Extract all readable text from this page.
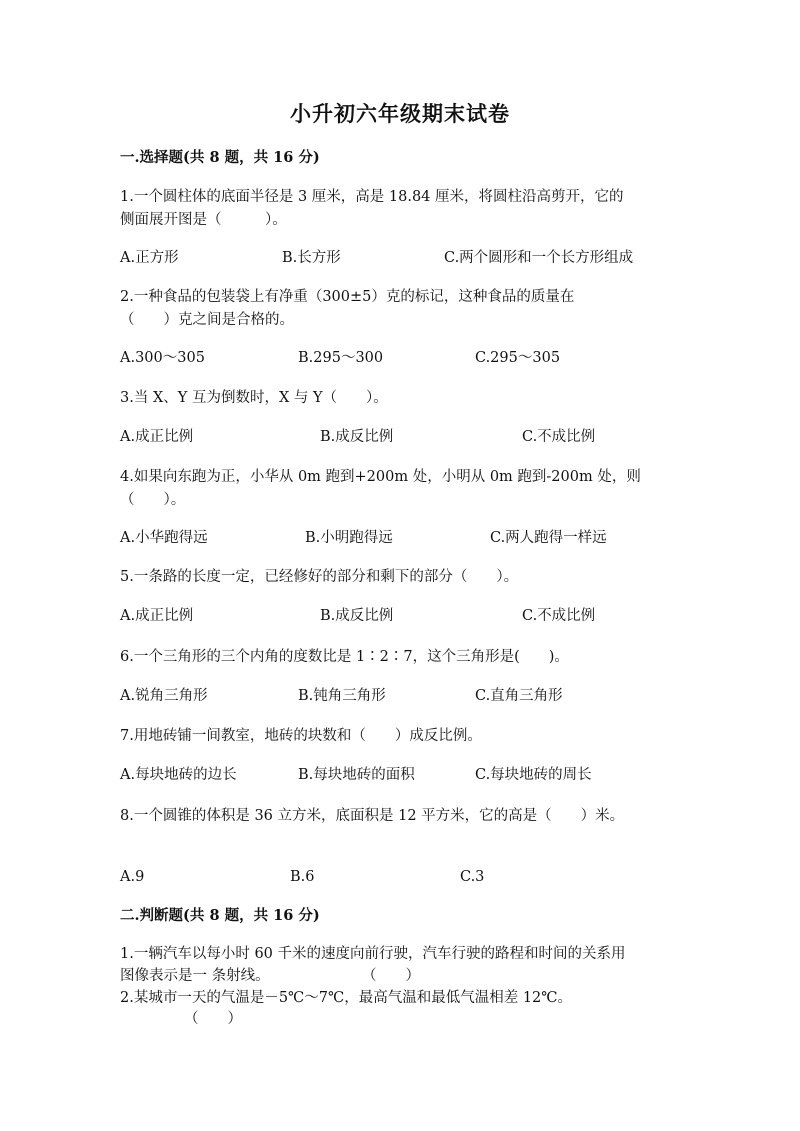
小升初六年级期末试卷
一.选择题(共 8 题，共 16 分)
1.一个圆柱体的底面半径是 3 厘米，高是 18.84 厘米，将圆柱沿高剪开，它的
侧面展开图是（　　　）。
A.正方形	B.长方形	C.两个圆形和一个长方形组成
2.一种食品的包装袋上有净重（300±5）克的标记，这种食品的质量在
（　　）克之间是合格的。
A.300～305	B.295～300	C.295～305
3.当 X、Y 互为倒数时，X 与 Y（　　）。
A.成正比例	B.成反比例	C.不成比例
4.如果向东跑为正，小华从 0m 跑到+200m 处，小明从 0m 跑到-200m 处，则
（　　）。
A.小华跑得远	B.小明跑得远	C.两人跑得一样远
5.一条路的长度一定，已经修好的部分和剩下的部分（　　）。
A.成正比例	B.成反比例	C.不成比例
6.一个三角形的三个内角的度数比是 1∶2∶7，这个三角形是(　　)。
A.锐角三角形	B.钝角三角形	C.直角三角形
7.用地砖铺一间教室，地砖的块数和（　　）成反比例。
A.每块地砖的边长	B.每块地砖的面积	C.每块地砖的周长
8.一个圆锥的体积是 36 立方米，底面积是 12 平方米，它的高是（　　）米。
A.9	B.6	C.3
二.判断题(共 8 题，共 16 分)
1.一辆汽车以每小时 60 千米的速度向前行驶，汽车行驶的路程和时间的关系用
图像表示是一 条射线。	（　　）
2.某城市一天的气温是－5℃～7℃，最高气温和最低气温相差 12℃。
（　　）
